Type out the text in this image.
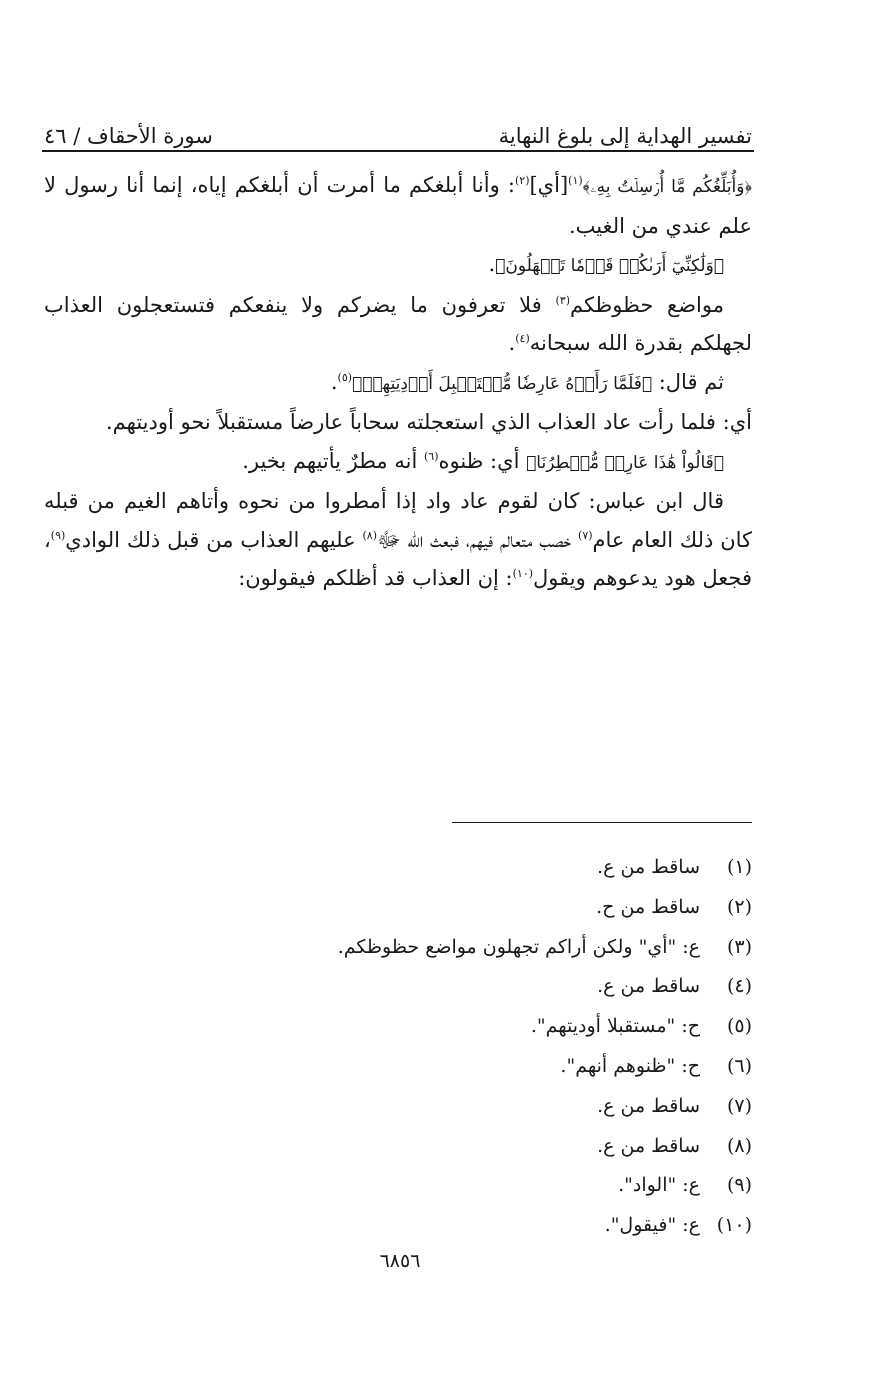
تفسير الهداية إلى بلوغ النهاية
سورة الأحقاف / ٤٦

﴿وَأُبَلِّغُكُم مَّا أُرۡسِلۡتُ بِهِۦ﴾$^{(١)}$[أي]$^{(٢)}$: وأنا أبلغكم ما أمرت أن أبلغكم إياه، إنما أنا رسول لا علم عندي من الغيب.

﴿وَلَٰكِنِّيٓ أَرَىٰكُمۡ قَوۡمٗا تَجۡهَلُونَ﴾.

مواضع حظوظكم$^{(٣)}$ فلا تعرفون ما يضركم ولا ينفعكم فتستعجلون العذاب لجهلكم بقدرة الله سبحانه$^{(٤)}$.

ثم قال: ﴿فَلَمَّا رَأَوۡهُ عَارِضٗا مُّسۡتَقۡبِلَ أَوۡدِيَتِهِمۡ﴾$^{(٥)}$.

أي: فلما رأت عاد العذاب الذي استعجلته سحاباً عارضاً مستقبلاً نحو أوديتهم.

﴿قَالُواْ هَٰذَا عَارِضٞ مُّمۡطِرُنَا﴾ أي: ظنوه$^{(٦)}$ أنه مطرٌ يأتيهم بخير.

قال ابن عباس: كان لقوم عاد واد إذا أمطروا من نحوه وأتاهم الغيم من قبله كان ذلك العام عام$^{(٧)}$ خصب متعالم فيهم، فبعث الله ﷻ$^{(٨)}$ عليهم العذاب من قبل ذلك الوادي$^{(٩)}$، فجعل هود يدعوهم ويقول$^{(١٠)}$: إن العذاب قد أظلكم فيقولون:

(١)
ساقط من ع.
(٢)
ساقط من ح.
(٣)
ع: "أي" ولكن أراكم تجهلون مواضع حظوظكم.
(٤)
ساقط من ع.
(٥)
ح: "مستقبلا أوديتهم".
(٦)
ح: "ظنوهم أنهم".
(٧)
ساقط من ع.
(٨)
ساقط من ع.
(٩)
ع: "الواد".
(١٠)
ع: "فيقول".
٦٨٥٦
